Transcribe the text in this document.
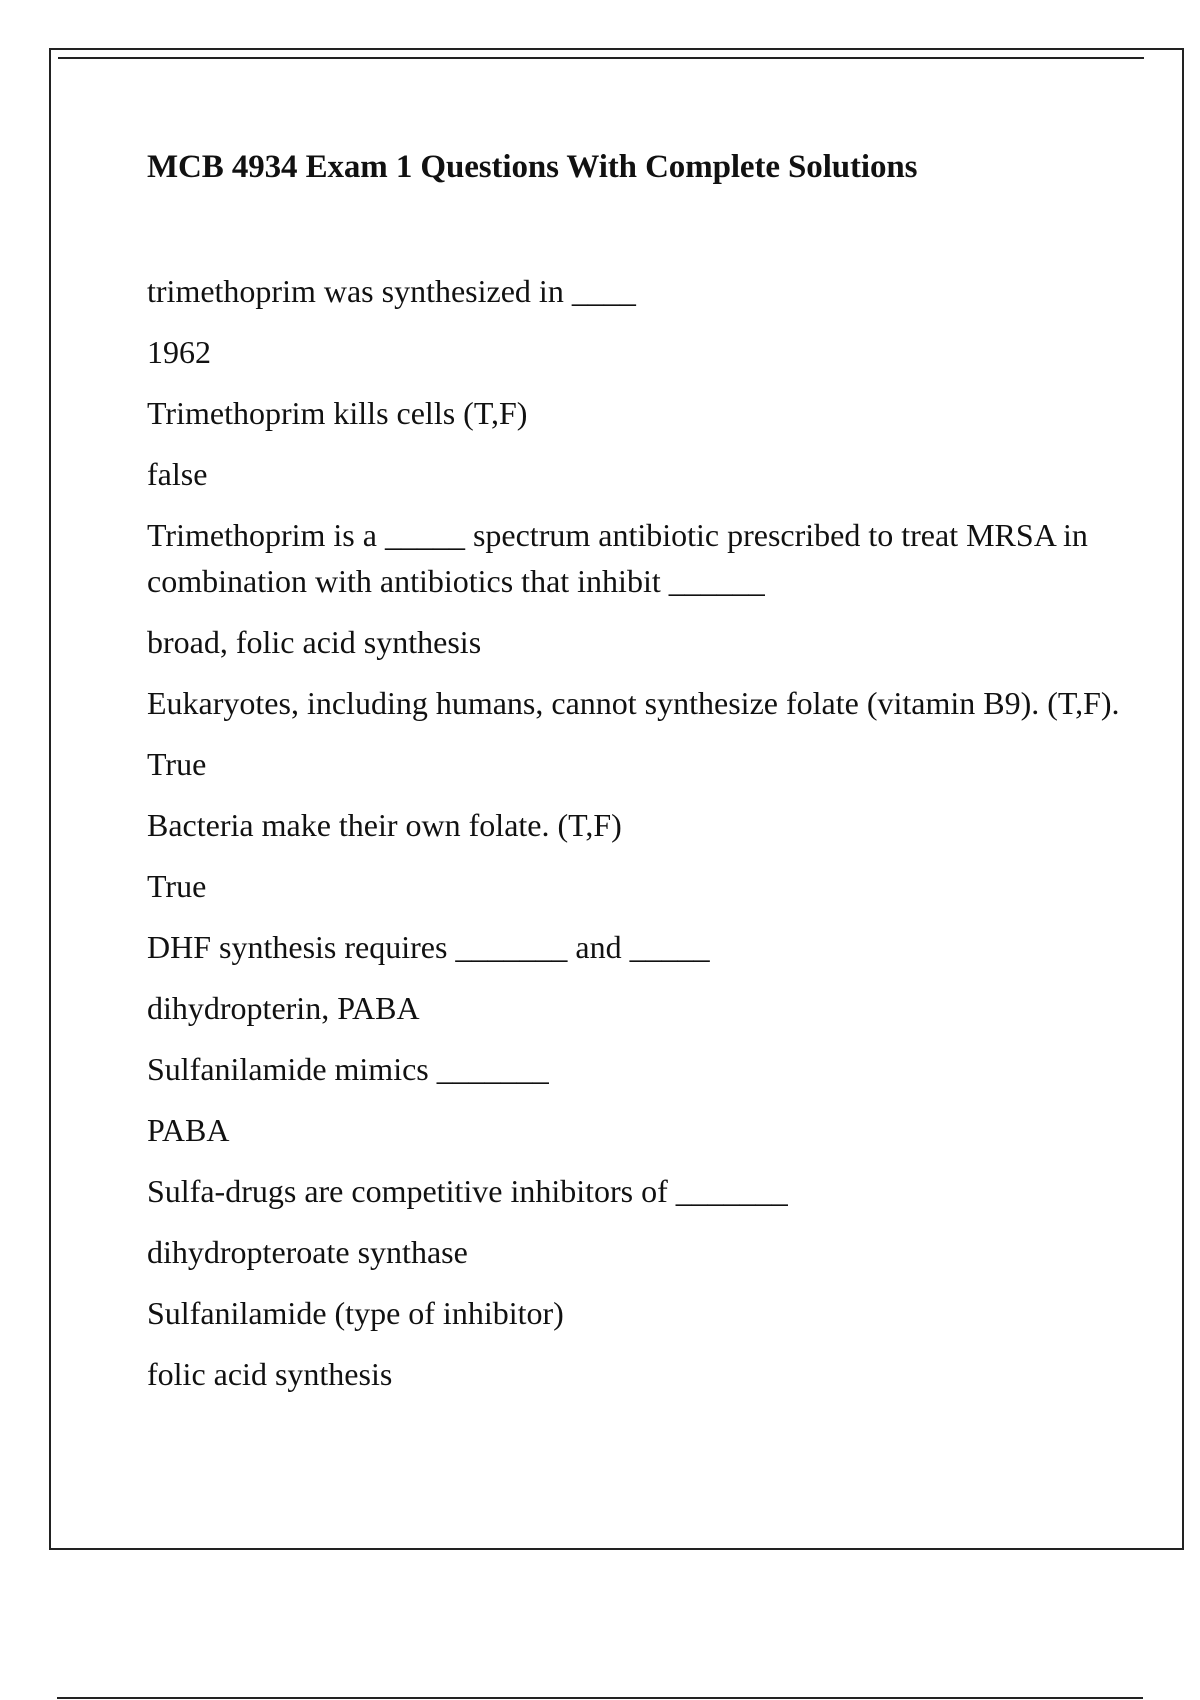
MCB 4934 Exam 1 Questions With Complete Solutions

trimethoprim was synthesized in ____

1962

Trimethoprim kills cells (T,F)

false

Trimethoprim is a _____ spectrum antibiotic prescribed to treat MRSA in combination with antibiotics that inhibit ______

broad, folic acid synthesis

Eukaryotes, including humans, cannot synthesize folate (vitamin B9). (T,F).

True

Bacteria make their own folate. (T,F)

True

DHF synthesis requires _______ and _____

dihydropterin, PABA

Sulfanilamide mimics _______

PABA

Sulfa-drugs are competitive inhibitors of _______

dihydropteroate synthase

Sulfanilamide (type of inhibitor)

folic acid synthesis
